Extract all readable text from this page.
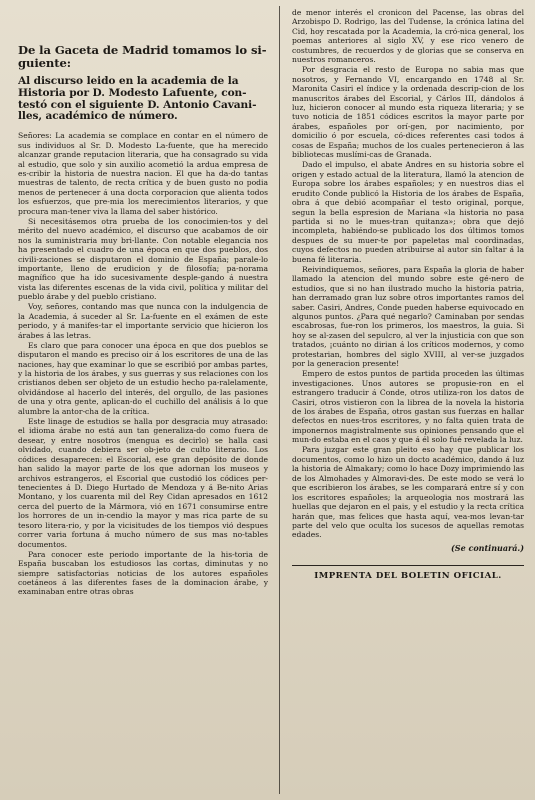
De la Gaceta de Madrid tomamos lo si-guiente:
Al discurso leido en la academia de la Historia por D. Modesto Lafuente, con-testó con el siguiente D. Antonio Cavani-lles, académico de número.

Señores: La academia se complace en contar en el número de sus individuos al Sr. D. Modesto La-fuente, que ha merecido alcanzar grande reputacion literaria, que ha consagrado su vida al estudio, que solo y sin auxilio acometió la ardua empresa de es-cribir la historia de nuestra nacion. El que ha da-do tantas muestras de talento, de recta crítica y de buen gusto no podia menos de pertenecer á una docta corporacion que alienta todos los esfuerzos, que pre-mia los merecimientos literarios, y que procura man-tener viva la llama del saber histórico.

Si necesitásemos otra prueba de los conocimien-tos y del mérito del nuevo académico, el discurso que acabamos de oir nos la suministraria muy bri-llante. Con notable elegancia nos ha presentado el cuadro de una época en que dos pueblos, dos civili-zaciones se disputaron el dominio de España; parale-lo importante, lleno de erudicion y de filosofía; pa-norama magnífico que ha ido sucesivamente desple-gando á nuestra vista las diferentes escenas de la vida civil, política y militar del pueblo árabe y del pueblo cristiano.

Voy, señores, contando mas que nunca con la indulgencia de la Academia, á suceder al Sr. La-fuente en el exámen de este periodo, y á manifes-tar el importante servicio que hicieron los árabes á las letras.

Es claro que para conocer una época en que dos pueblos se disputaron el mando es preciso oir á los escritores de una de las naciones, hay que examinar lo que se escribió por ambas partes, y la historia de los árabes, y sus guerras y sus relaciones con los cristianos deben ser objeto de un estudio hecho pa-ralelamente, olvidándose al hacerlo del interés, del orgullo, de las pasiones de una y otra gente, aplican-do el cuchillo del análisis á lo que alumbre la antor-cha de la crítica.

Este linage de estudios se halla por desgracia muy atrasado: el idioma árabe no está aun tan generaliza-do como fuera de desear, y entre nosotros (mengua es decirlo) se halla casi olvidado, cuando debiera ser ob-jeto de culto literario. Los códices desaparecen: el Escorial, ese gran depósito de donde han salido la mayor parte de los que adornan los museos y archivos estrangeros, el Escorial que custodió los códices per-tenecientes á D. Diego Hurtado de Mendoza y á Be-nito Arias Montano, y los cuarenta mil del Rey Cidan apresados en 1612 cerca del puerto de la Mármora, vió en 1671 consumirse entre los horrores de un in-cendio la mayor y mas rica parte de su tesoro litera-rio, y por la vicisitudes de los tiempos vió despues correr varia fortuna á mucho número de sus mas no-tables documentos.

Para conocer este periodo importante de la his-toria de España buscaban los estudiosos las cortas, diminutas y no siempre satisfactorias noticias de los autores españoles coetáneos á las diferentes fases de la dominacion árabe, y examinaban entre otras obras

de menor interés el cronicon del Pacense, las obras del Arzobispo D. Rodrigo, las del Tudense, la crónica latina del Cid, hoy rescatada por la Academia, la cró-nica general, los poemas anteriores al siglo XV, y ese rico venero de costumbres, de recuerdos y de glorias que se conserva en nuestros romanceros.

Por desgracia el resto de Europa no sabia mas que nosotros, y Fernando VI, encargando en 1748 al Sr. Maronita Casiri el índice y la ordenada descrip-cion de los manuscritos árabes del Escorial, y Cárlos III, dándolos á luz, hicieron conocer al mundo esta riqueza literaria; y se tuvo noticia de 1851 códices escritos la mayor parte por árabes, españoles por orí-gen, por nacimiento, por domicilio ó por escuela, có-dices referentes casi todos á cosas de España; muchos de los cuales pertenecieron á las bibliotecas muslími-cas de Granada.

Dado el impulso, el abate Andres en su historia sobre el origen y estado actual de la literatura, llamó la atencion de Europa sobre los árabes españoles; y en nuestros dias el erudito Conde publicó la Historia de los árabes de España, obra á que debió acompañar el testo original, porque, segun la bella espresion de Mariana «la historia no pasa partida si no le mues-tran quitanza»; obra que dejó incompleta, habiéndo-se publicado los dos últimos tomos despues de su muer-te por papeletas mal coordinadas, cuyos defectos no pueden atribuirse al autor sin faltar á la buena fé literaria.

Reivindiquemos, señores, para España la gloria de haber llamado la atencion del mundo sobre este gé-nero de estudios, que si no han ilustrado mucho la historia patria, han derramado gran luz sobre otros importantes ramos del saber. Casiri, Andres, Conde pueden haberse equivocado en algunos puntos. ¿Para qué negarlo? Caminaban por sendas escabrosas, fue-ron los primeros, los maestros, la guia. Si hoy se al-zasen del sepulcro, al ver la injusticia con que son tratados, ¡cuánto no dirian á los críticos modernos, y como protestarian, hombres del siglo XVIII, al ver-se juzgados por la generacion presente!

Empero de estos puntos de partida proceden las últimas investigaciones. Unos autores se propusie-ron en el estrangero traducir á Conde, otros utiliza-ron los datos de Casiri, otros vistieron con la librea de la novela la historia de los árabes de España, otros gastan sus fuerzas en hallar defectos en nues-tros escritores, y no falta quien trata de imponernos magistralmente sus opiniones pensando que el mun-do estaba en el caos y que á él solo fué revelada la luz.

Para juzgar este gran pleito eso hay que publicar los documentos, como lo hizo un docto académico, dando á luz la historia de Almakary; como lo hace Dozy imprimiendo las de los Almohades y Almoravi-des. De este modo se verá lo que escribieron los árabes, se les comparará entre sí y con los escritores españoles; la arqueologia nos mostrará las huellas que dejaron en el pais, y el estudio y la recta crítica harán que, mas felices que hasta aquí, vea-mos levan-tar parte del velo que oculta los sucesos de aquellas remotas edades.

(Se continuará.)
IMPRENTA DEL BOLETIN OFICIAL.
